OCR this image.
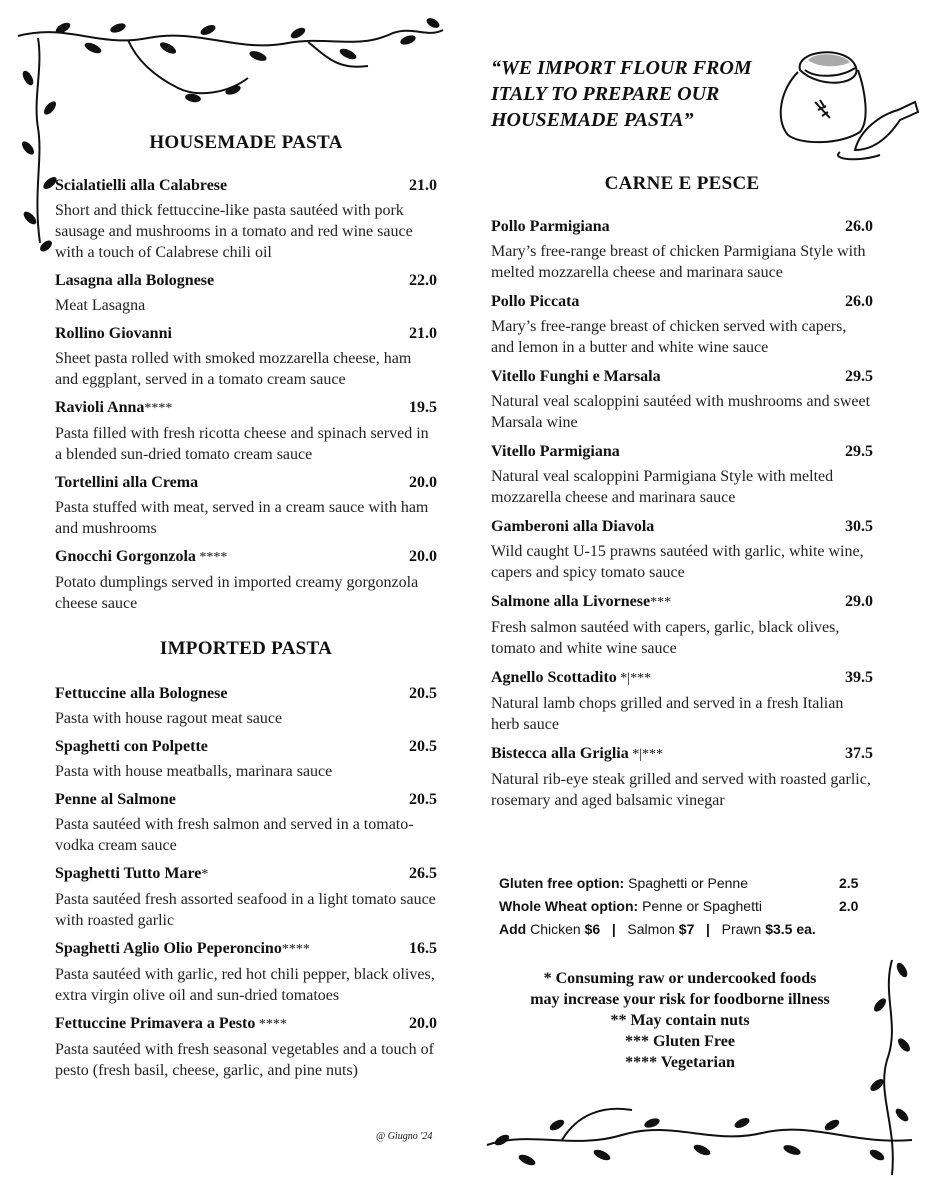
HOUSEMADE PASTA
Scialatielli alla Calabrese	21.0
Short and thick fettuccine-like pasta sautéed with pork sausage and mushrooms in a tomato and red wine sauce with a touch of Calabrese chili oil
Lasagna alla Bolognese	22.0
Meat Lasagna
Rollino Giovanni	21.0
Sheet pasta rolled with smoked mozzarella cheese, ham and eggplant, served in a tomato cream sauce
Ravioli Anna****	19.5
Pasta filled with fresh ricotta cheese and spinach served in a blended sun-dried tomato cream sauce
Tortellini alla Crema	20.0
Pasta stuffed with meat, served in a cream sauce with ham and mushrooms
Gnocchi Gorgonzola ****	20.0
Potato dumplings served in imported creamy gorgonzola cheese sauce
IMPORTED PASTA
Fettuccine alla Bolognese	20.5
Pasta with house ragout meat sauce
Spaghetti con Polpette	20.5
Pasta with house meatballs, marinara sauce
Penne al Salmone	20.5
Pasta sautéed with fresh salmon and served in a tomato-vodka cream sauce
Spaghetti Tutto Mare*	26.5
Pasta sautéed fresh assorted seafood in a light tomato sauce with roasted garlic
Spaghetti Aglio Olio Peperoncino****	16.5
Pasta sautéed with garlic, red hot chili pepper, black olives, extra virgin olive oil and sun-dried tomatoes
Fettuccine Primavera a Pesto ****	20.0
Pasta sautéed with fresh seasonal vegetables and a touch of pesto (fresh basil, cheese, garlic, and pine nuts)
“WE IMPORT FLOUR FROM ITALY TO PREPARE OUR HOUSEMADE PASTA”
CARNE E PESCE
Pollo Parmigiana	26.0
Mary’s free-range breast of chicken Parmigiana Style with melted mozzarella cheese and marinara sauce
Pollo Piccata	26.0
Mary’s free-range breast of chicken served with capers, and lemon in a butter and white wine sauce
Vitello Funghi e Marsala	29.5
Natural veal scaloppini sautéed with mushrooms and sweet Marsala wine
Vitello Parmigiana	29.5
Natural veal scaloppini Parmigiana Style with melted mozzarella cheese and marinara sauce
Gamberoni alla Diavola	30.5
Wild caught U-15 prawns sautéed with garlic, white wine, capers and spicy tomato sauce
Salmone alla Livornese***	29.0
Fresh salmon sautéed with capers, garlic, black olives, tomato and white wine sauce
Agnello Scottadito *|***	39.5
Natural lamb chops grilled and served in a fresh Italian herb sauce
Bistecca alla Griglia *|***	37.5
Natural rib-eye steak grilled and served with roasted garlic, rosemary and aged balsamic vinegar
Gluten free option: Spaghetti or Penne	2.5
Whole Wheat option: Penne or Spaghetti	2.0
Add Chicken $6   |   Salmon $7   |   Prawn $3.5 ea.
* Consuming raw or undercooked foods
may increase your risk for foodborne illness
** May contain nuts
*** Gluten Free
**** Vegetarian
@ Giugno '24
